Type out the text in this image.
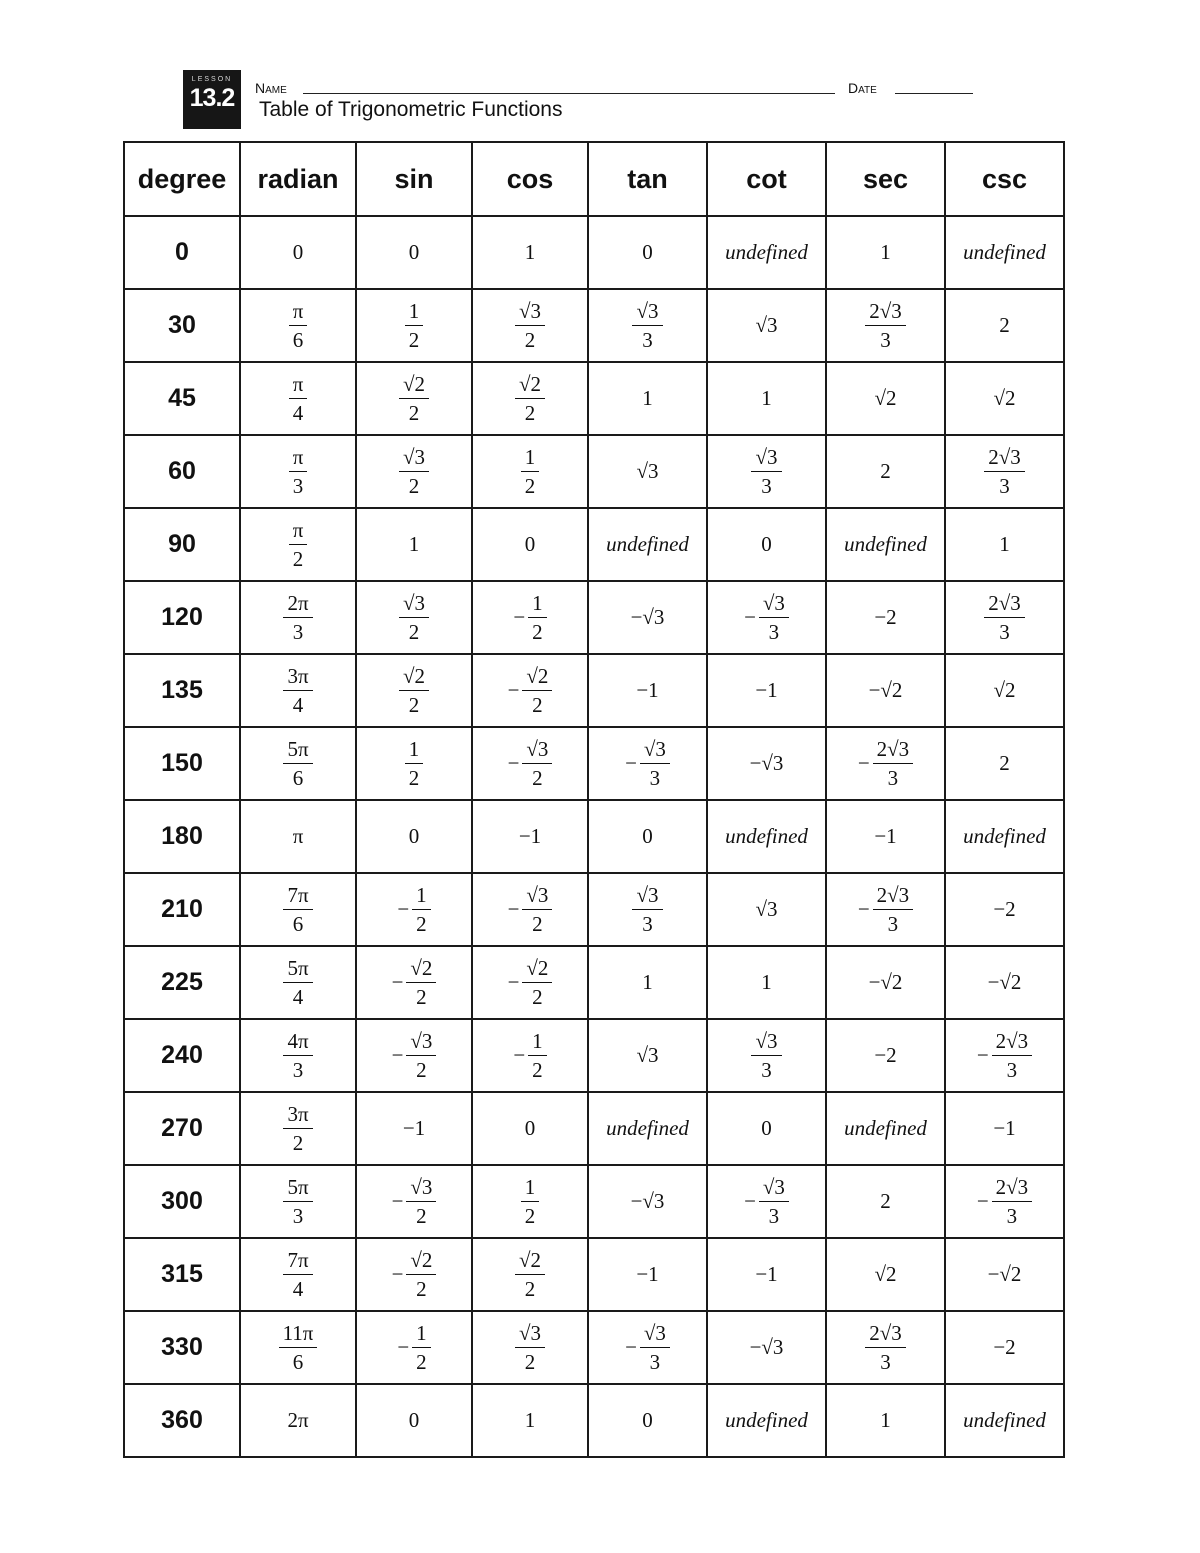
LESSON
13.2	Name	Date
Table of Trigonometric Functions
degree	radian	sin	cos	tan	cot	sec	csc
0	0	0	1	0	undefined	1	undefined
30	$\frac{\pi}{6}$	$\frac{1}{2}$	$\frac{√3}{2}$	$\frac{√3}{3}$	√3	$\frac{2√3}{3}$	2
45	$\frac{\pi}{4}$	$\frac{√2}{2}$	$\frac{√2}{2}$	1	1	√2	√2
60	$\frac{\pi}{3}$	$\frac{√3}{2}$	$\frac{1}{2}$	√3	$\frac{√3}{3}$	2	$\frac{2√3}{3}$

90	$\frac{\pi}{2}$	1	0	undefined	0	undefined	1
120	$\frac{2\pi}{3}$	$\frac{√3}{2}$	− $\frac{1}{2}$	−√3	− $\frac{√3}{3}$	−2	$\frac{2√3}{3}$

135	$\frac{3\pi}{4}$	$\frac{√2}{2}$	− $\frac{√2}{2}$	−1	−1	−√2	√2
150	$\frac{5\pi}{6}$	$\frac{1}{2}$	− $\frac{√3}{2}$	− $\frac{√3}{3}$	−√3	− $\frac{2√3}{3}$	2
180	π	0	−1	0	undefined	−1	undefined
210	$\frac{7\pi}{6}$	− $\frac{1}{2}$	− $\frac{√3}{2}$	$\frac{√3}{3}$	√3	− $\frac{2√3}{3}$	−2
225	$\frac{5\pi}{4}$	− $\frac{√2}{2}$	− $\frac{√2}{2}$	1	1	−√2	−√2
240	$\frac{4\pi}{3}$	− $\frac{√3}{2}$	− $\frac{1}{2}$	√3	$\frac{√3}{3}$	−2	− $\frac{2√3}{3}$

270	$\frac{3\pi}{2}$	−1	0	undefined	0	undefined	−1
300	$\frac{5\pi}{3}$	− $\frac{√3}{2}$	$\frac{1}{2}$	−√3	− $\frac{√3}{3}$	2	− $\frac{2√3}{3}$

315	$\frac{7\pi}{4}$	− $\frac{√2}{2}$	$\frac{√2}{2}$	−1	−1	√2	−√2
330	$\frac{11\pi}{6}$	− $\frac{1}{2}$	$\frac{√3}{2}$	− $\frac{√3}{3}$	−√3	$\frac{2√3}{3}$	−2
360	2π	0	1	0	undefined	1	undefined
